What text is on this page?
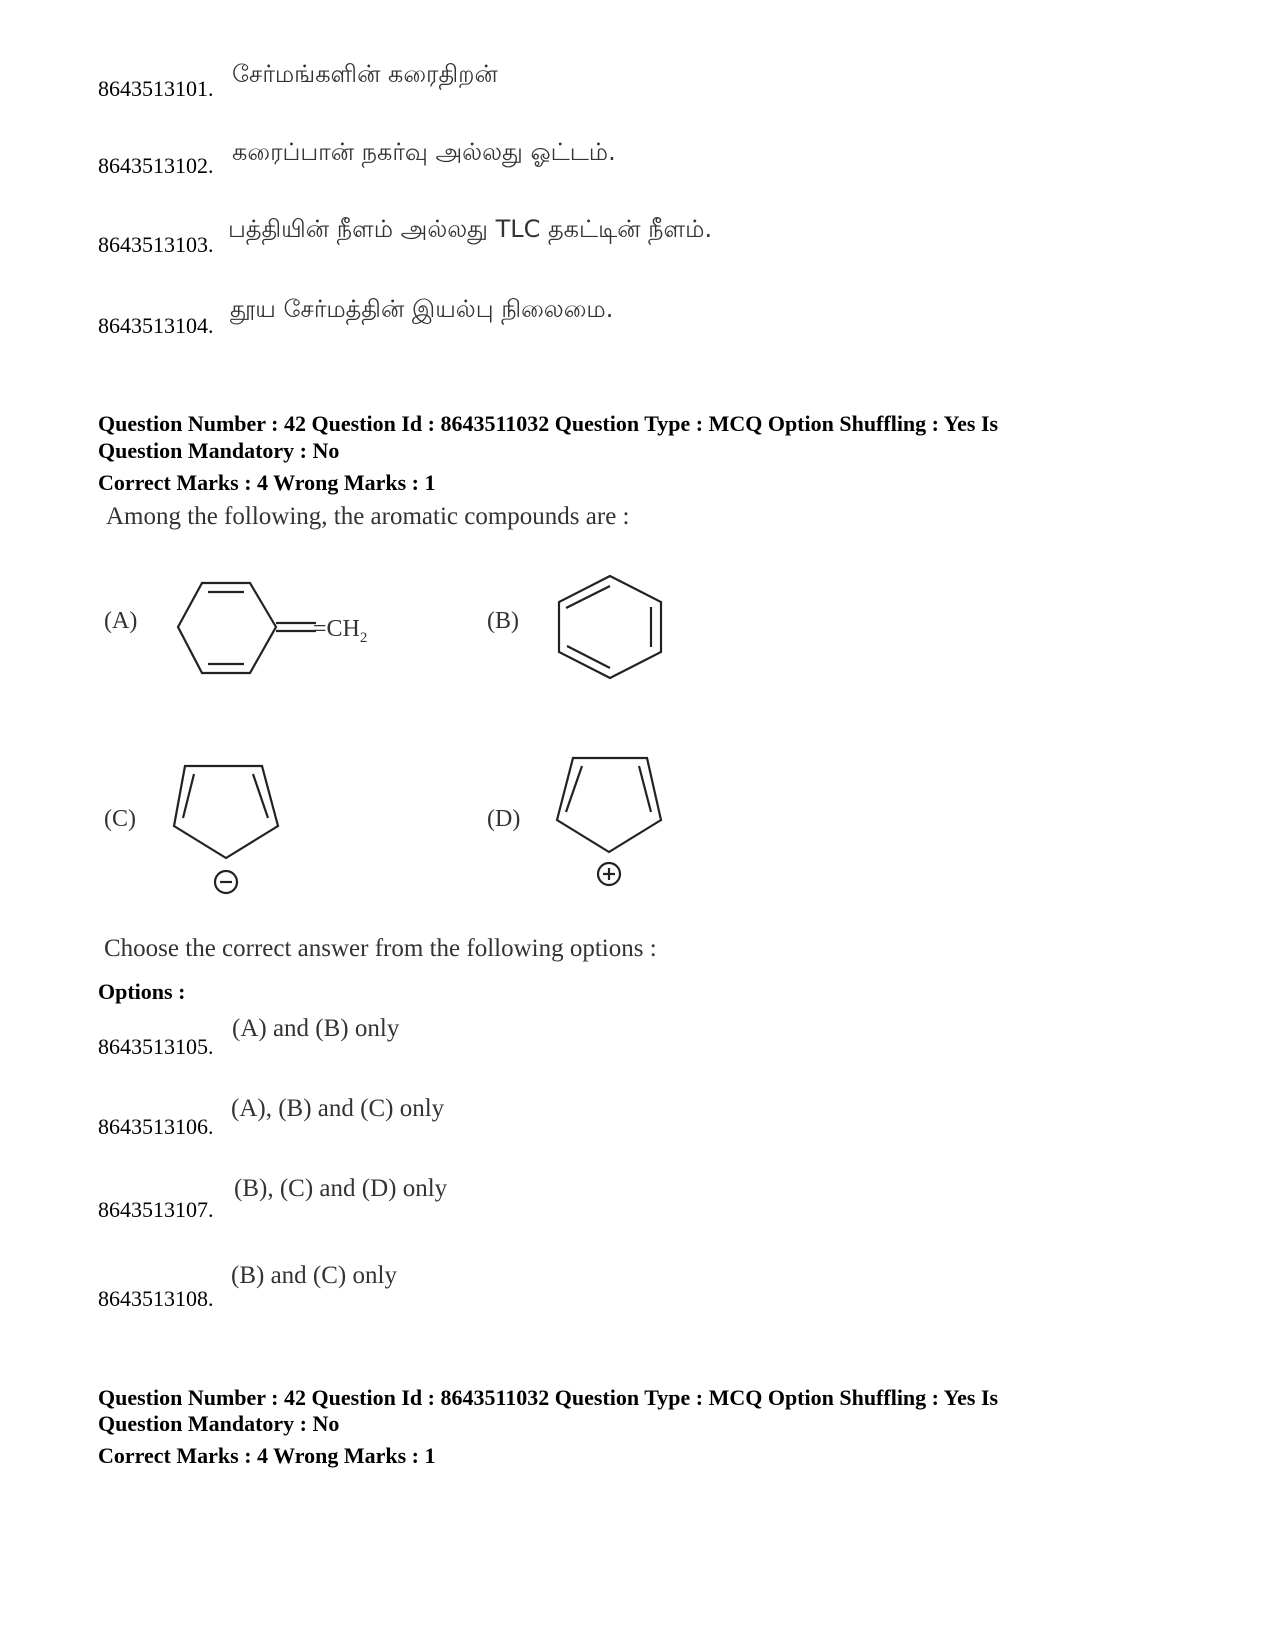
8643513101.
சேர்மங்களின் கரைதிறன்
8643513102. கரைப்பான் நகர்வு அல்லது ஓட்டம்.
8643513103.
பத்தியின் நீளம் அல்லது TLC தகட்டின் நீளம்.
8643513104.
தூய சேர்மத்தின் இயல்பு நிலைமை.
Question Number : 42 Question Id : 8643511032 Question Type : MCQ Option Shuffling : Yes Is
Question Mandatory : No
Correct Marks : 4 Wrong Marks : 1
Among the following, the aromatic compounds are :
(A)	$=CH_2$
(B)
(C)	(D)
Choose the correct answer from the following options :
Options :
8643513105.
(A) and (B) only
8643513106.
(A), (B) and (C) only
8643513107.
(B), (C) and (D) only
8643513108.
(B) and (C) only
Question Number : 42 Question Id : 8643511032 Question Type : MCQ Option Shuffling : Yes Is
Question Mandatory : No
Correct Marks : 4 Wrong Marks : 1
